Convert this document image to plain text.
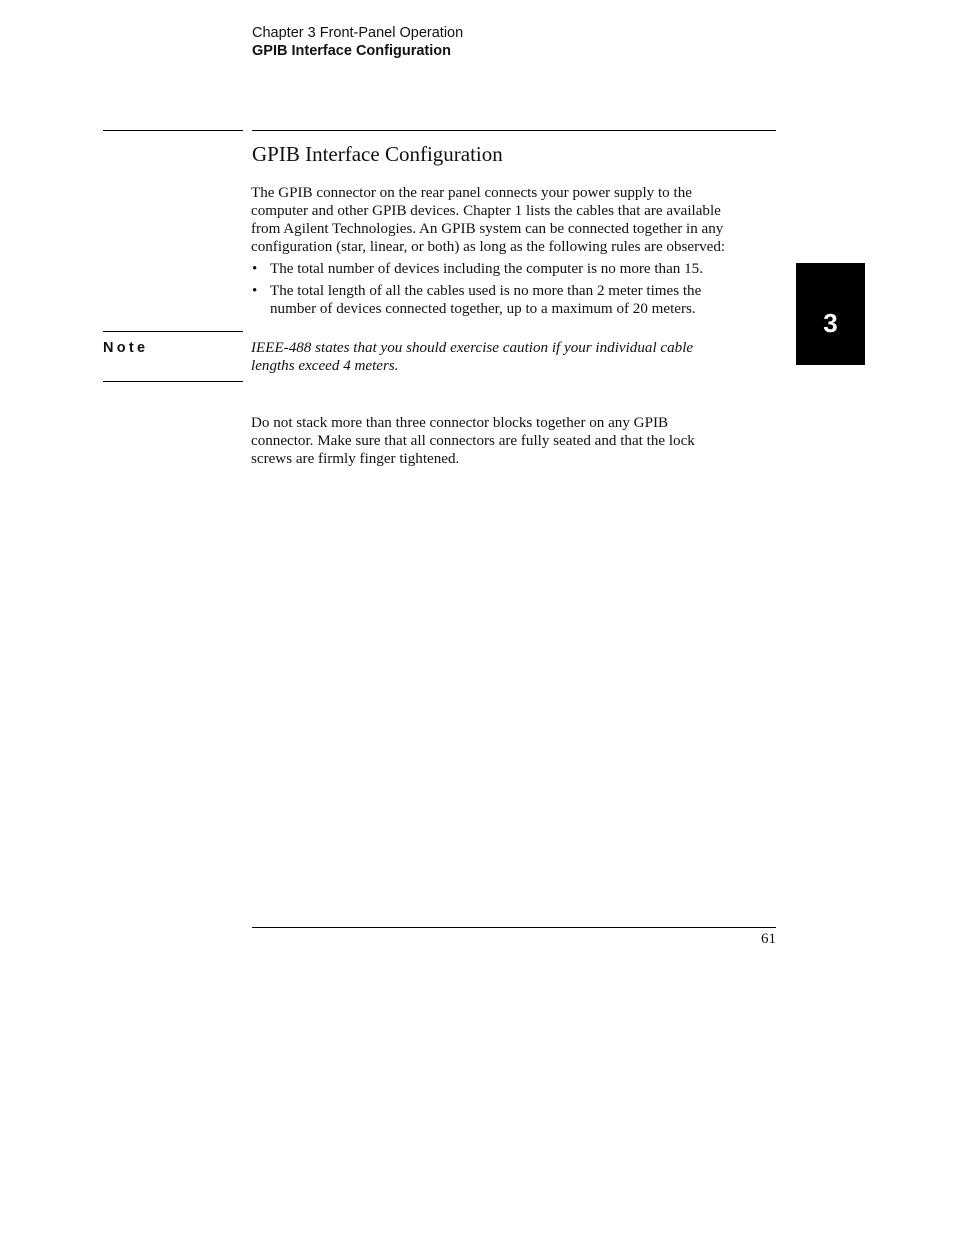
Chapter 3 Front-Panel Operation
GPIB Interface Configuration
GPIB Interface Configuration

The GPIB connector on the rear panel connects your power supply to the
computer and other GPIB devices. Chapter 1 lists the cables that are available
from Agilent Technologies. An GPIB system can be connected together in any
configuration (star, linear, or both) as long as the following rules are observed:

• The total number of devices including the computer is no more than 15.
• The total length of all the cables used is no more than 2 meter times the
number of devices connected together, up to a maximum of 20 meters.
Note	IEEE-488 states that you should exercise caution if your individual cable
lengths exceed 4 meters.

Do not stack more than three connector blocks together on any GPIB
connector. Make sure that all connectors are fully seated and that the lock
screws are firmly finger tightened.

3
61
